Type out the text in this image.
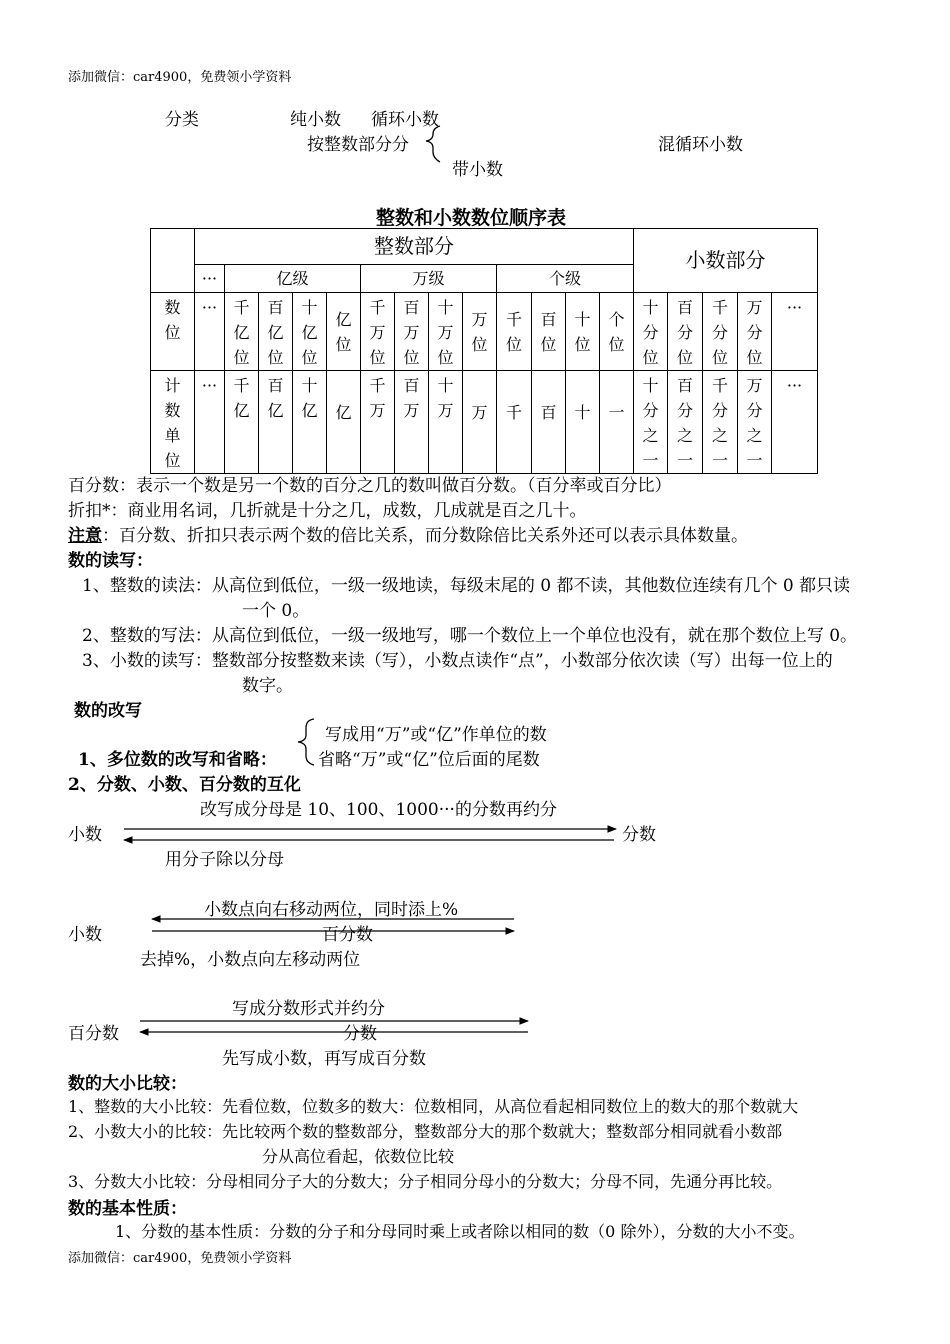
添加微信：car4900，免费领小学资料
分类	纯小数 循环小数
按整数部分分	混循环小数
带小数
整数和小数数位顺序表
	整数部分													小数部分				
	···	亿级				万级				个级								
数位	···	千亿位	百亿位	十亿位	亿位	千万位	百万位	十万位	万位	千位	百位	十位	个位	十分位	百分位	千分位	万分位	···
计数单位	···	千亿	百亿	十亿	亿	千万	百万	十万	万	千	百	十	一	十分之一	百分之一	千分之一	万分之一	···
百分数：表示一个数是另一个数的百分之几的数叫做百分数。（百分率或百分比）
折扣*：商业用名词，几折就是十分之几，成数，几成就是百之几十。
注意：百分数、折扣只表示两个数的倍比关系，而分数除倍比关系外还可以表示具体数量。
数的读写：
1、整数的读法：从高位到低位，一级一级地读，每级末尾的 0 都不读，其他数位连续有几个 0 都只读
一个 0。
2、整数的写法：从高位到低位，一级一级地写，哪一个数位上一个单位也没有，就在那个数位上写 0。
3、小数的读写：整数部分按整数来读（写），小数点读作“点”，小数部分依次读（写）出每一位上的
数字。
数的改写
写成用“万”或“亿”作单位的数
1、多位数的改写和省略： 省略“万”或“亿”位后面的尾数
2、分数、小数、百分数的互化
改写成分母是 10、100、1000···的分数再约分
小数	分数
用分子除以分母
小数点向右移动两位，同时添上%
小数	百分数
去掉%，小数点向左移动两位
写成分数形式并约分
百分数	分数
先写成小数，再写成百分数
数的大小比较：
1、整数的大小比较：先看位数，位数多的数大：位数相同，从高位看起相同数位上的数大的那个数就大
2、小数大小的比较：先比较两个数的整数部分，整数部分大的那个数就大；整数部分相同就看小数部
分从高位看起，依数位比较
3、分数大小比较：分母相同分子大的分数大；分子相同分母小的分数大；分母不同，先通分再比较。
数的基本性质：
1、分数的基本性质：分数的分子和分母同时乘上或者除以相同的数（0 除外），分数的大小不变。
添加微信：car4900，免费领小学资料
